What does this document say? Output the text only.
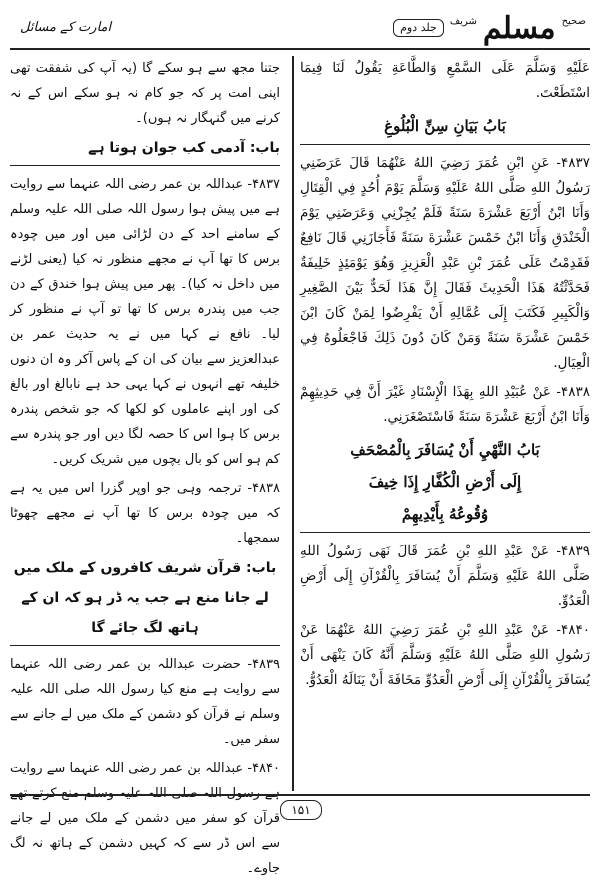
صحیح
مسلم
شریف
جلد دوم
امارت کے مسائل

عَلَيْهِ وَسَلَّمَ عَلَى السَّمْعِ وَالطَّاعَةِ يَقُولُ لَنَا فِيمَا اسْتَطَعْتَ.

بَابُ بَيَانِ سِنِّ الْبُلُوغِ

۴۸۳۷- عَنِ ابْنِ عُمَرَ رَضِيَ اللهُ عَنْهُمَا قَالَ عَرَضَنِي رَسُولُ اللهِ صَلَّى اللهُ عَلَيْهِ وَسَلَّمَ يَوْمَ أُحُدٍ فِي الْقِتَالِ وَأَنَا ابْنُ أَرْبَعَ عَشْرَةَ سَنَةً فَلَمْ يُجِزْنِي وَعَرَضَنِي يَوْمَ الْخَنْدَقِ وَأَنَا ابْنُ خَمْسَ عَشْرَةَ سَنَةً فَأَجَازَنِي قَالَ نَافِعٌ فَقَدِمْتُ عَلَى عُمَرَ بْنِ عَبْدِ الْعَزِيزِ وَهُوَ يَوْمَئِذٍ خَلِيفَةٌ فَحَدَّثْتُهُ هَذَا الْحَدِيثَ فَقَالَ إِنَّ هَذَا لَحَدٌّ بَيْنَ الصَّغِيرِ وَالْكَبِيرِ فَكَتَبَ إِلَى عُمَّالِهِ أَنْ يَفْرِضُوا لِمَنْ كَانَ ابْنَ خَمْسَ عَشْرَةَ سَنَةً وَمَنْ كَانَ دُونَ ذَلِكَ فَاجْعَلُوهُ فِي الْعِيَالِ.

۴۸۳۸- عَنْ عُبَيْدِ اللهِ بِهَذَا الْإِسْنَادِ غَيْرَ أَنَّ فِي حَدِيثِهِمْ وَأَنَا ابْنُ أَرْبَعَ عَشْرَةَ سَنَةً فَاسْتَصْغَرَنِي.

بَابُ النَّهْيِ أَنْ يُسَافَرَ بِالْمُصْحَفِ
إِلَى أَرْضِ الْكُفَّارِ إِذَا خِيفَ
وُقُوعُهُ بِأَيْدِيهِمْ

۴۸۳۹- عَنْ عَبْدِ اللهِ بْنِ عُمَرَ قَالَ نَهَى رَسُولُ اللهِ صَلَّى اللهُ عَلَيْهِ وَسَلَّمَ أَنْ يُسَافَرَ بِالْقُرْآنِ إِلَى أَرْضِ الْعَدُوِّ.

۴۸۴۰- عَنْ عَبْدِ اللهِ بْنِ عُمَرَ رَضِيَ اللهُ عَنْهُمَا عَنْ رَسُولِ اللهِ صَلَّى اللهُ عَلَيْهِ وَسَلَّمَ أَنَّهُ كَانَ يَنْهَى أَنْ يُسَافَرَ بِالْقُرْآنِ إِلَى أَرْضِ الْعَدُوِّ مَخَافَةَ أَنْ يَنَالَهُ الْعَدُوُّ.

جتنا مجھ سے ہو سکے گا (یہ آپ کی شفقت تھی اپنی امت پر کہ جو کام نہ ہو سکے اس کے نہ کرنے میں گنہگار نہ ہوں)۔

باب: آدمی کب جوان ہوتا ہے

۴۸۳۷- عبداللہ بن عمر رضی اللہ عنہما سے روایت ہے میں پیش ہوا رسول اللہ صلی اللہ علیہ وسلم کے سامنے احد کے دن لڑائی میں اور میں چودہ برس کا تھا آپ نے مجھے منظور نہ کیا (یعنی لڑنے میں داخل نہ کیا)۔ پھر میں پیش ہوا خندق کے دن جب میں پندرہ برس کا تھا تو آپ نے منظور کر لیا۔ نافع نے کہا میں نے یہ حدیث عمر بن عبدالعزیز سے بیان کی ان کے پاس آکر وہ ان دنوں خلیفہ تھے انہوں نے کہا یہی حد ہے نابالغ اور بالغ کی اور اپنے عاملوں کو لکھا کہ جو شخص پندرہ برس کا ہوا اس کا حصہ لگا دیں اور جو پندرہ سے کم ہو اس کو بال بچوں میں شریک کریں۔

۴۸۳۸- ترجمہ وہی جو اوپر گزرا اس میں یہ ہے کہ میں چودہ برس کا تھا آپ نے مجھے چھوٹا سمجھا۔

باب: قرآن شریف کافروں کے ملک میں
لے جانا منع ہے جب یہ ڈر ہو کہ ان کے
ہاتھ لگ جائے گا

۴۸۳۹- حضرت عبداللہ بن عمر رضی اللہ عنہما سے روایت ہے منع کیا رسول اللہ صلی اللہ علیہ وسلم نے قرآن کو دشمن کے ملک میں لے جانے سے سفر میں۔

۴۸۴۰- عبداللہ بن عمر رضی اللہ عنہما سے روایت ہے رسول اللہ صلی اللہ علیہ وسلم منع کرتے تھے قرآن کو سفر میں دشمن کے ملک میں لے جانے سے اس ڈر سے کہ کہیں دشمن کے ہاتھ نہ لگ جاوے۔

۱۵۱
